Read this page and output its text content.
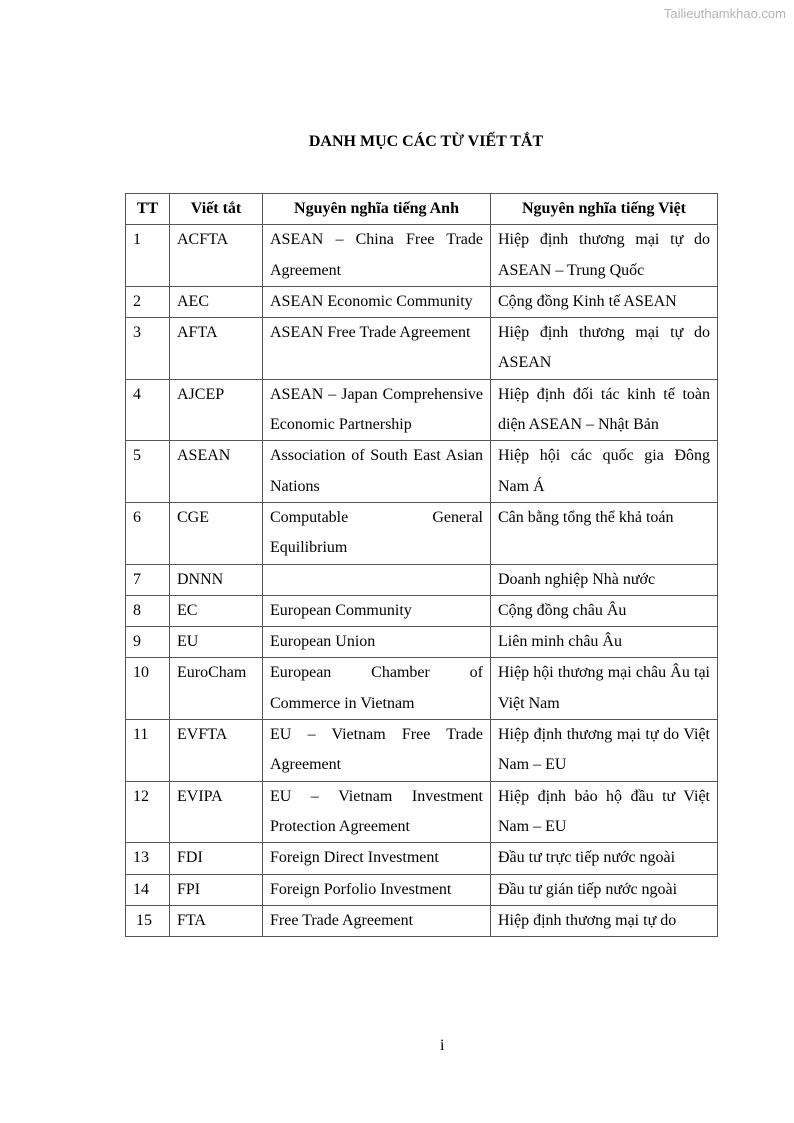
Tailieuthamkhao.com
DANH MỤC CÁC TỪ VIẾT TẮT
TT	Viết tắt	Nguyên nghĩa tiếng Anh	Nguyên nghĩa tiếng Việt
1	ACFTA	ASEAN – China Free Trade Agreement	Hiệp định thương mại tự do ASEAN – Trung Quốc
2	AEC	ASEAN Economic Community	Cộng đồng Kinh tế ASEAN
3	AFTA	ASEAN Free Trade Agreement	Hiệp định thương mại tự do ASEAN
4	AJCEP	ASEAN – Japan Comprehensive Economic Partnership	Hiệp định đối tác kinh tế toàn diện ASEAN – Nhật Bản
5	ASEAN	Association of South East Asian Nations	Hiệp hội các quốc gia Đông Nam Á
6	CGE	Computable General Equilibrium	Cân bằng tổng thể khả toán
7	DNNN		Doanh nghiệp Nhà nước
8	EC	European Community	Cộng đồng châu Âu
9	EU	European Union	Liên minh châu Âu
10	EuroCham	European Chamber of Commerce in Vietnam	Hiệp hội thương mại châu Âu tại Việt Nam
11	EVFTA	EU – Vietnam Free Trade Agreement	Hiệp định thương mại tự do Việt Nam – EU
12	EVIPA	EU – Vietnam Investment Protection Agreement	Hiệp định bảo hộ đầu tư Việt Nam – EU
13	FDI	Foreign Direct Investment	Đầu tư trực tiếp nước ngoài
14	FPI	Foreign Porfolio Investment	Đầu tư gián tiếp nước ngoài
15	FTA	Free Trade Agreement	Hiệp định thương mại tự do
i
